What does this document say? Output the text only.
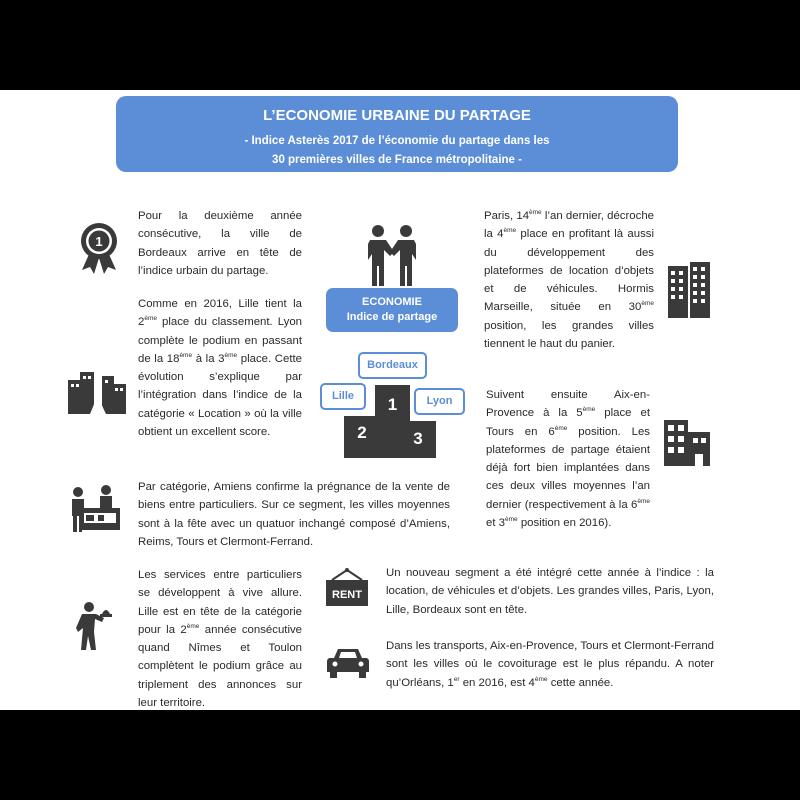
L’ECONOMIE URBAINE DU PARTAGE
- Indice Asterès 2017 de l’économie du partage dans les
30 premières villes de France métropolitaine -
1
Pour la deuxième année consécutive, la ville de Bordeaux arrive en tête de l’indice urbain du partage.
Comme en 2016, Lille tient la 2ème place du classement. Lyon complète le podium en passant de la 18ème à la 3ème place. Cette évolution s’explique par l’intégration dans l’indice de la catégorie « Location » où la ville obtient un excellent score.
ECONOMIE
Indice de partage
1
2	3
Bordeaux
Lille	Lyon
Paris, 14ème l’an dernier, décroche la 4ème place en profitant là aussi du développement des plateformes de location d’objets et de véhicules. Hormis Marseille, située en 30ème position, les grandes villes tiennent le haut du panier.
Suivent ensuite Aix-en-Provence à la 5ème place et Tours en 6ème position. Les plateformes de partage étaient déjà fort bien implantées dans ces deux villes moyennes l’an dernier (respectivement à la 6ème et 3ème position en 2016).
Par catégorie, Amiens confirme la prégnance de la vente de biens entre particuliers. Sur ce segment, les villes moyennes sont à la fête avec un quatuor inchangé composé d’Amiens, Reims, Tours et Clermont-Ferrand.
Les services entre particuliers se développent à vive allure. Lille est en tête de la catégorie pour la 2ème année consécutive quand Nîmes et Toulon complètent le podium grâce au triplement des annonces sur leur territoire.
RENT
Un nouveau segment a été intégré cette année à l’indice : la location, de véhicules et d’objets. Les grandes villes, Paris, Lyon, Lille, Bordeaux sont en tête.
Dans les transports, Aix-en-Provence, Tours et Clermont-Ferrand sont les villes où le covoiturage est le plus répandu. A noter qu’Orléans, 1er en 2016, est 4ème cette année.
